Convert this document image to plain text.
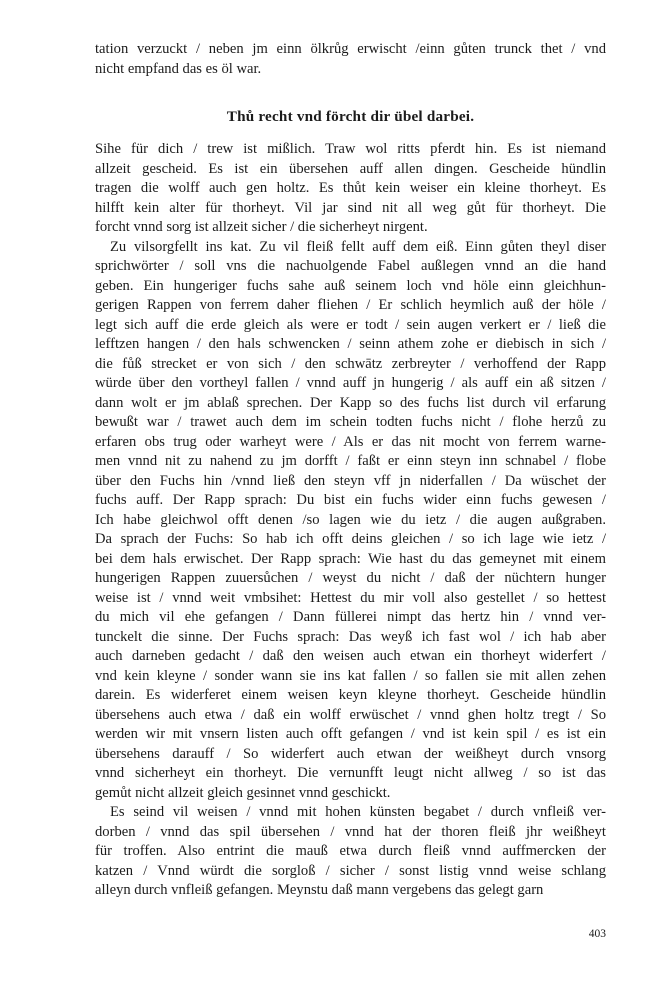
tation verzuckt / neben jm einn ölkrůg erwischt /einn gůten trunck thet / vnd
nicht empfand das es öl war.
Thů recht vnd förcht dir übel darbei.
Sihe für dich / trew ist mißlich. Traw wol ritts pferdt hin. Es ist niemand
allzeit gescheid. Es ist ein übersehen auff allen dingen. Gescheide hündlin
tragen die wolff auch gen holtz. Es thůt kein weiser ein kleine thorheyt. Es
hilfft kein alter für thorheyt. Vil jar sind nit all weg gůt für thorheyt. Die
forcht vnnd sorg ist allzeit sicher / die sicherheyt nirgent.
Zu vilsorgfellt ins kat. Zu vil fleiß fellt auff dem eiß. Einn gůten theyl diser
sprichwörter / soll vns die nachuolgende Fabel außlegen vnnd an die hand
geben. Ein hungeriger fuchs sahe auß seinem loch vnd höle einn gleichhun-
gerigen Rappen von ferrem daher fliehen / Er schlich heymlich auß der höle /
legt sich auff die erde gleich als were er todt / sein augen verkert er / ließ die
lefftzen hangen / den hals schwencken / seinn athem zohe er diebisch in sich /
die fůß strecket er von sich / den schwātz zerbreyter / verhoffend der Rapp
würde über den vortheyl fallen / vnnd auff jn hungerig / als auff ein aß sitzen /
dann wolt er jm ablaß sprechen. Der Kapp so des fuchs list durch vil erfarung
bewußt war / trawet auch dem im schein todten fuchs nicht / flohe herzů zu
erfaren obs trug oder warheyt were / Als er das nit mocht von ferrem warne-
men vnnd nit zu nahend zu jm dorfft / faßt er einn steyn inn schnabel / flobe
über den Fuchs hin /vnnd ließ den steyn vff jn niderfallen / Da wüschet der
fuchs auff. Der Rapp sprach: Du bist ein fuchs wider einn fuchs gewesen /
Ich habe gleichwol offt denen /so lagen wie du ietz / die augen außgraben.
Da sprach der Fuchs: So hab ich offt deins gleichen / so ich lage wie ietz /
bei dem hals erwischet. Der Rapp sprach: Wie hast du das gemeynet mit einem
hungerigen Rappen zuuersůchen / weyst du nicht / daß der nüchtern hunger
weise ist / vnnd weit vmbsihet: Hettest du mir voll also gestellet / so hettest
du mich vil ehe gefangen / Dann füllerei nimpt das hertz hin / vnnd ver-
tunckelt die sinne. Der Fuchs sprach: Das weyß ich fast wol / ich hab aber
auch darneben gedacht / daß den weisen auch etwan ein thorheyt widerfert /
vnd kein kleyne / sonder wann sie ins kat fallen / so fallen sie mit allen zehen
darein. Es widerferet einem weisen keyn kleyne thorheyt. Gescheide hündlin
übersehens auch etwa / daß ein wolff erwüschet / vnnd ghen holtz tregt / So
werden wir mit vnsern listen auch offt gefangen / vnd ist kein spil / es ist ein
übersehens darauff / So widerfert auch etwan der weißheyt durch vnsorg
vnnd sicherheyt ein thorheyt. Die vernunfft leugt nicht allweg / so ist das
gemůt nicht allzeit gleich gesinnet vnnd geschickt.
Es seind vil weisen / vnnd mit hohen künsten begabet / durch vnfleiß ver-
dorben / vnnd das spil übersehen / vnnd hat der thoren fleiß jhr weißheyt
für troffen. Also entrint die mauß etwa durch fleiß vnnd auffmercken der
katzen / Vnnd würdt die sorgloß / sicher / sonst listig vnnd weise schlang
alleyn durch vnfleiß gefangen. Meynstu daß mann vergebens das gelegt garn
403
